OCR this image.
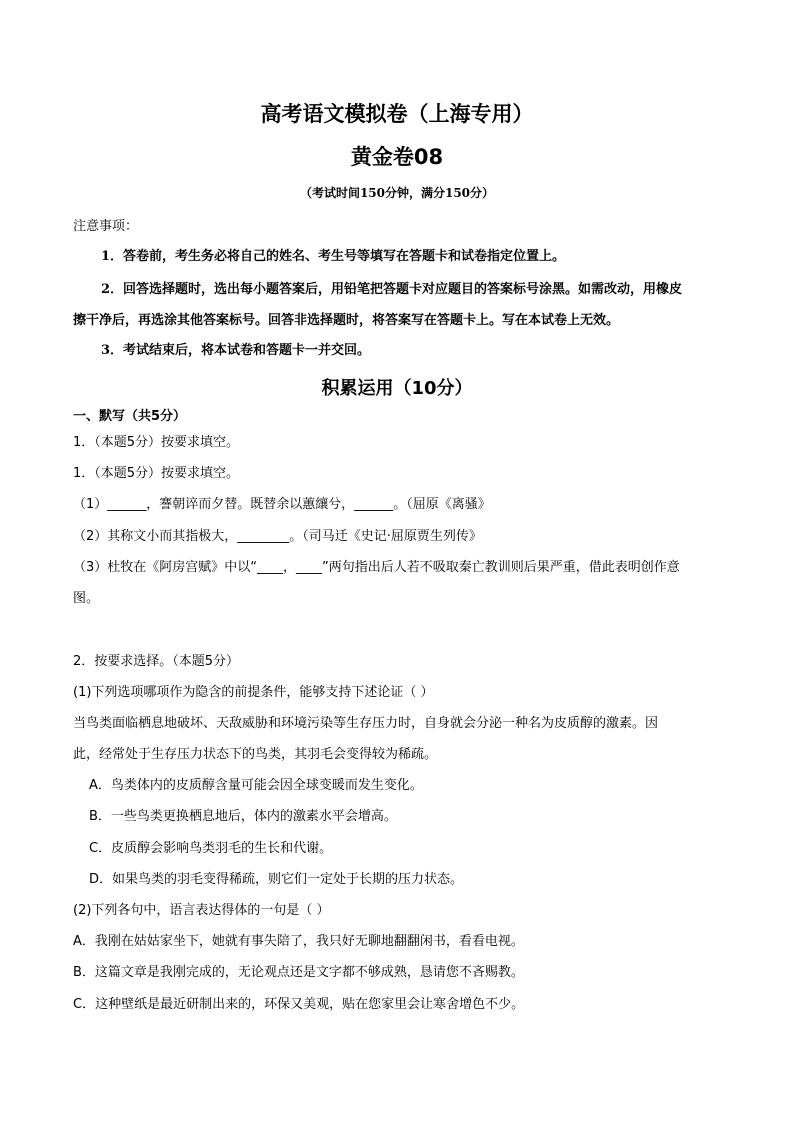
高考语文模拟卷（上海专用）
黄金卷08
（考试时间150分钟，满分150分）
注意事项：
1．答卷前，考生务必将自己的姓名、考生号等填写在答题卡和试卷指定位置上。
2．回答选择题时，选出每小题答案后，用铅笔把答题卡对应题目的答案标号涂黑。如需改动，用橡皮
擦干净后，再选涂其他答案标号。回答非选择题时，将答案写在答题卡上。写在本试卷上无效。
3．考试结束后，将本试卷和答题卡一并交回。
积累运用（10分）
一、默写（共5分）
1．（本题5分）按要求填空。
1．（本题5分）按要求填空。
（1）______，謇朝谇而夕替。既替余以蕙纕兮，______。（屈原《离骚》
（2）其称文小而其指极大，________。（司马迁《史记·屈原贾生列传》
（3）杜牧在《阿房宫赋》中以“____，____”两句指出后人若不吸取秦亡教训则后果严重，借此表明创作意
图。
2．按要求选择。（本题5分）
(1)下列选项哪项作为隐含的前提条件，能够支持下述论证（ ）
当鸟类面临栖息地破坏、天敌威胁和环境污染等生存压力时，自身就会分泌一种名为皮质醇的激素。因
此，经常处于生存压力状态下的鸟类，其羽毛会变得较为稀疏。
A．鸟类体内的皮质醇含量可能会因全球变暖而发生变化。
B．一些鸟类更换栖息地后，体内的激素水平会增高。
C．皮质醇会影响鸟类羽毛的生长和代谢。
D．如果鸟类的羽毛变得稀疏，则它们一定处于长期的压力状态。
(2)下列各句中，语言表达得体的一句是（ ）
A．我刚在姑姑家坐下，她就有事失陪了，我只好无聊地翻翻闲书，看看电视。
B．这篇文章是我刚完成的，无论观点还是文字都不够成熟，恳请您不吝赐教。
C．这种壁纸是最近研制出来的，环保又美观，贴在您家里会让寒舍增色不少。
